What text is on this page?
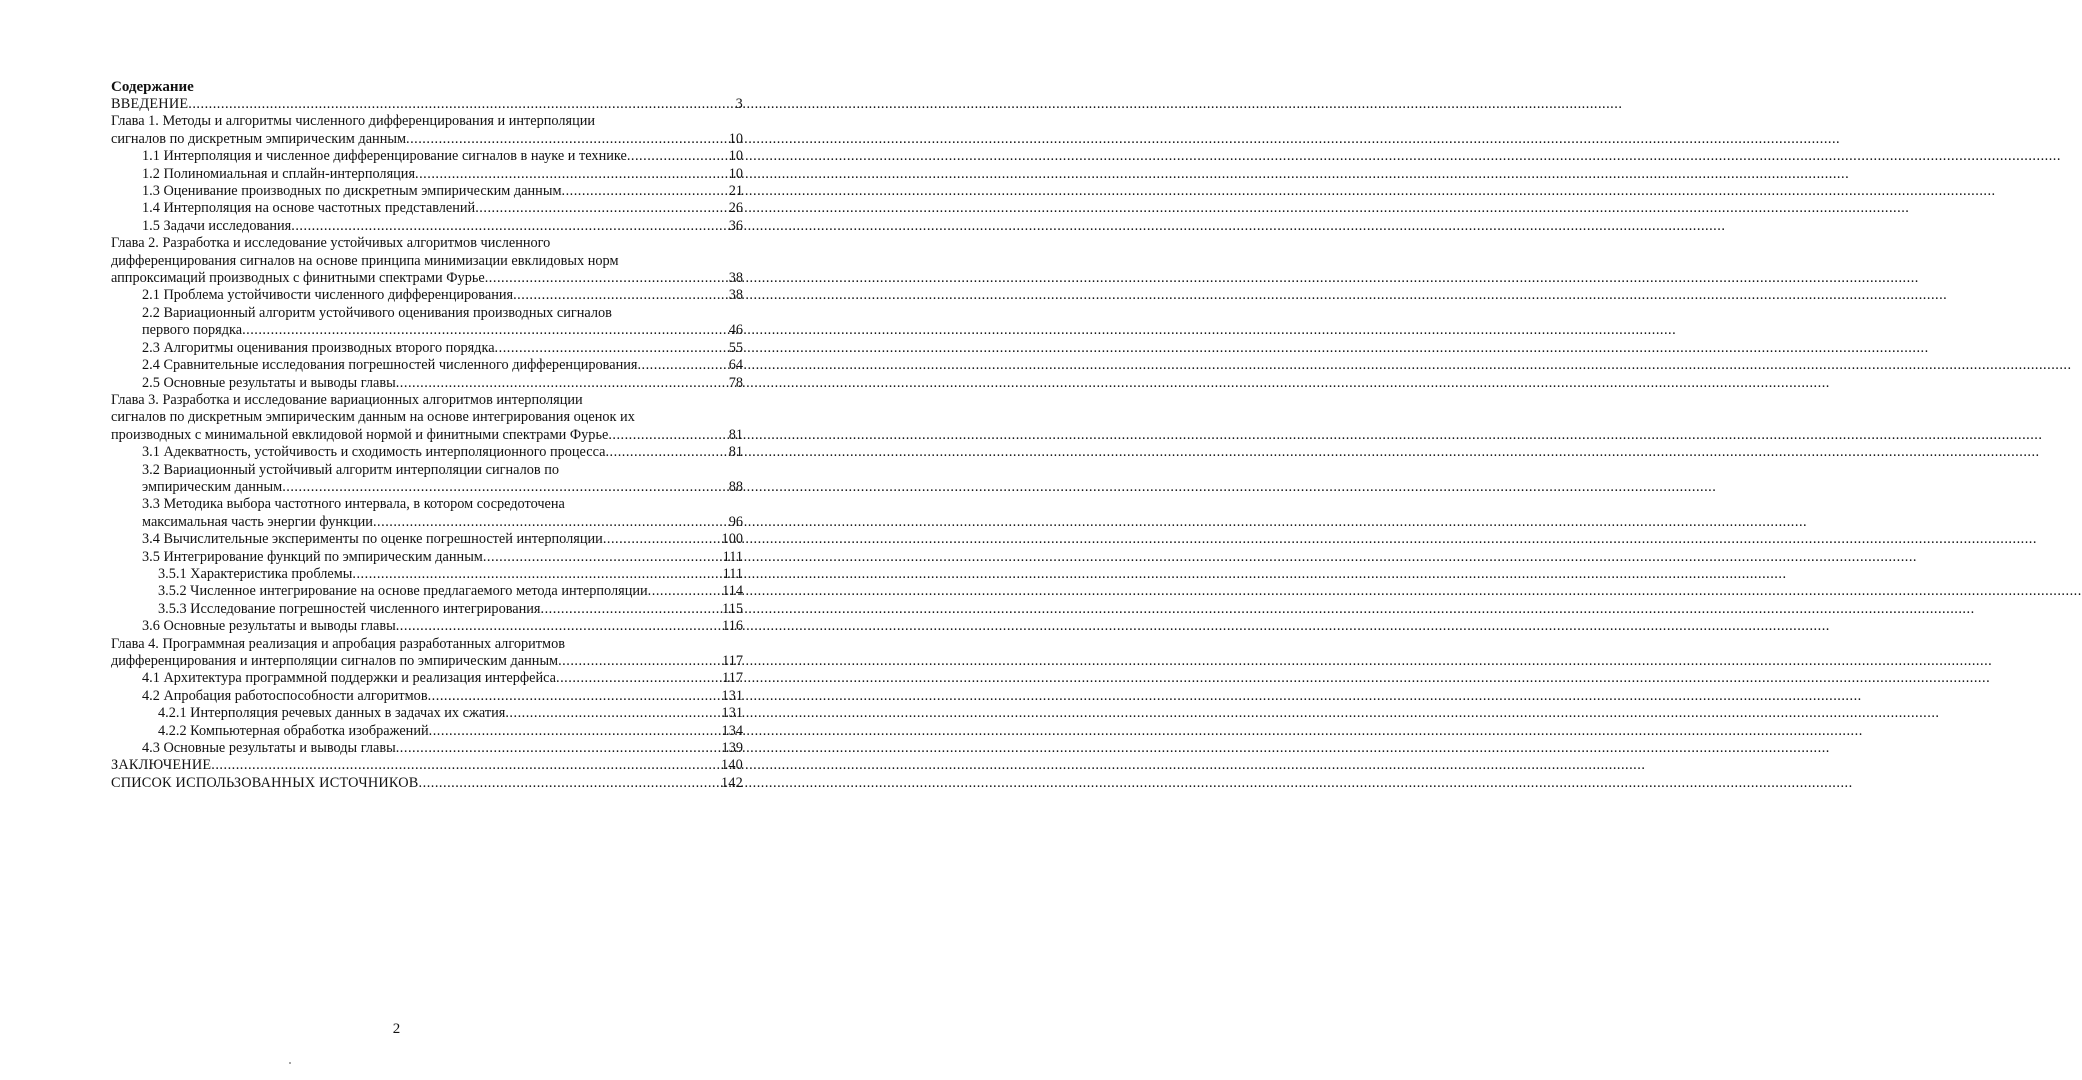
Содержание
ВВЕДЕНИЕ .....	3
Глава 1. Методы и алгоритмы численного дифференцирования и интерполяции
сигналов по дискретным эмпирическим данным .....	10
1.1 Интерполяция и численное дифференцирование сигналов в науке и технике .....	10
1.2 Полиномиальная и сплайн-интерполяция .....	10
1.3 Оценивание производных по дискретным эмпирическим данным .....	21
1.4 Интерполяция на основе частотных представлений .....	26
1.5 Задачи исследования .....	36
Глава 2. Разработка и исследование устойчивых алгоритмов численного
дифференцирования сигналов на основе принципа минимизации евклидовых норм
аппроксимаций производных с финитными спектрами Фурье .....	38
2.1 Проблема устойчивости численного дифференцирования .....	38
2.2 Вариационный алгоритм устойчивого оценивания производных сигналов
первого порядка .....	46
2.3 Алгоритмы оценивания производных второго порядка .....	55
2.4 Сравнительные исследования погрешностей численного дифференцирования .....	64
2.5 Основные результаты и выводы главы .....	78
Глава 3. Разработка и исследование вариационных алгоритмов интерполяции
сигналов по дискретным эмпирическим данным на основе интегрирования оценок их
производных с минимальной евклидовой нормой и финитными спектрами Фурье .....	81
3.1 Адекватность, устойчивость и сходимость интерполяционного процесса .....	81
3.2 Вариационный устойчивый алгоритм интерполяции сигналов по
эмпирическим данным .....	88
3.3 Методика выбора частотного интервала, в котором сосредоточена
максимальная часть энергии функции .....	96
3.4 Вычислительные эксперименты по оценке погрешностей интерполяции .....	100
3.5 Интегрирование функций по эмпирическим данным .....	111
3.5.1 Характеристика проблемы .....	111
3.5.2 Численное интегрирование на основе предлагаемого метода интерполяции .....	114
3.5.3 Исследование погрешностей численного интегрирования .....	115
3.6 Основные результаты и выводы главы .....	116
Глава 4. Программная реализация и апробация разработанных алгоритмов
дифференцирования и интерполяции сигналов по эмпирическим данным .....	117
4.1 Архитектура программной поддержки и реализация интерфейса .....	117
4.2 Апробация работоспособности алгоритмов .....	131
4.2.1 Интерполяция речевых данных в задачах их сжатия .....	131
4.2.2 Компьютерная обработка изображений .....	134
4.3 Основные результаты и выводы главы .....	139
ЗАКЛЮЧЕНИЕ .....	140
СПИСОК ИСПОЛЬЗОВАННЫХ ИСТОЧНИКОВ .....	142
2
